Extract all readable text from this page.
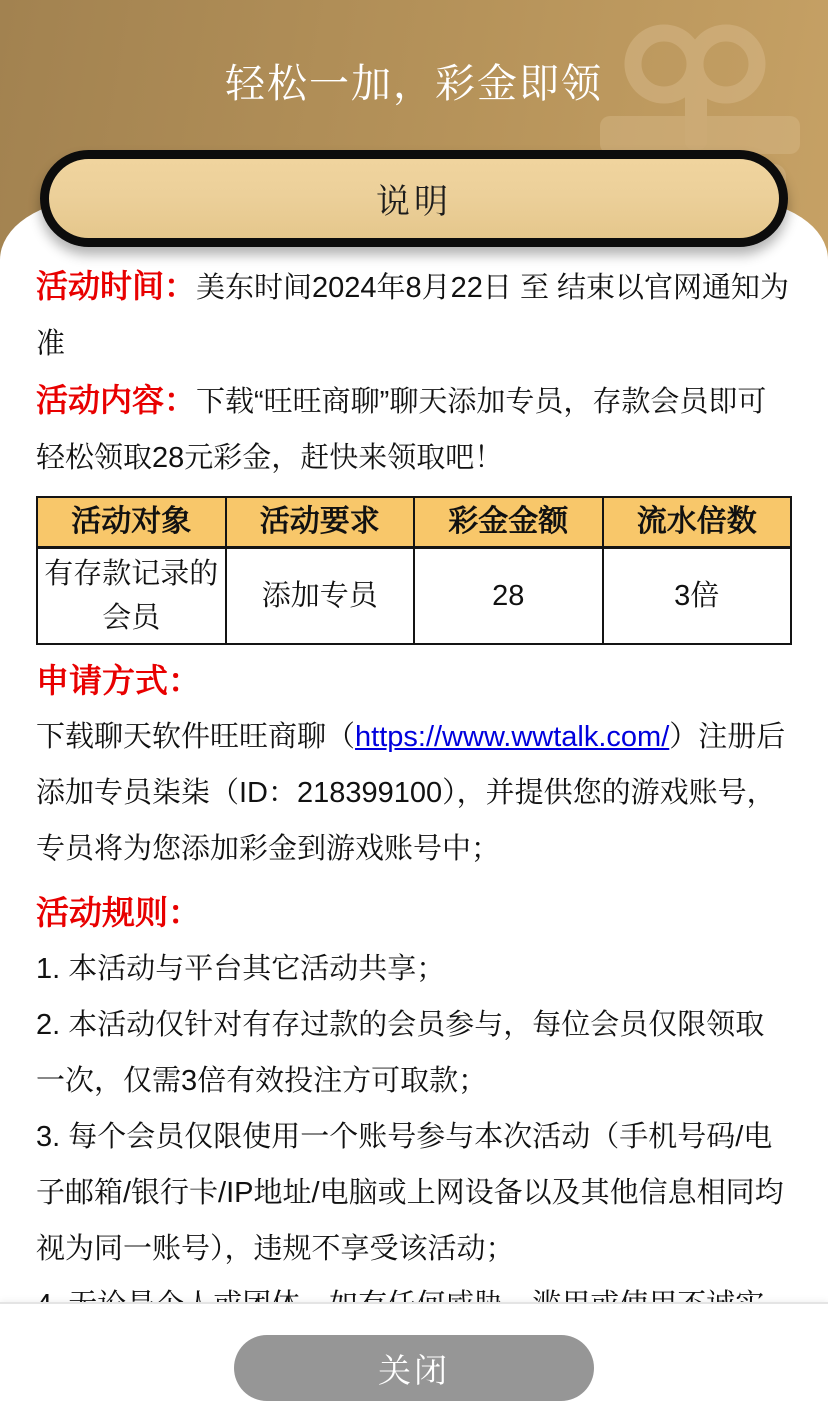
轻松一加，彩金即领
说明

活动时间：美东时间2024年8月22日 至 结束以官网通知为准

活动内容：下载“旺旺商聊”聊天添加专员，存款会员即可轻松领取28元彩金，赶快来领取吧！

活动对象	活动要求	彩金金额	流水倍数
有存款记录的会员	添加专员	28	3倍

申请方式：

下载聊天软件旺旺商聊（https://www.wwtalk.com/）注册后添加专员柒柒（ID：218399100），并提供您的游戏账号，专员将为您添加彩金到游戏账号中；

活动规则：

1. 本活动与平台其它活动共享；

2. 本活动仅针对有存过款的会员参与，每位会员仅限领取一次，仅需3倍有效投注方可取款；

3. 每个会员仅限使用一个账号参与本次活动（手机号码/电子邮箱/银行卡/IP地址/电脑或上网设备以及其他信息相同均视为同一账号），违规不享受该活动；

关闭
